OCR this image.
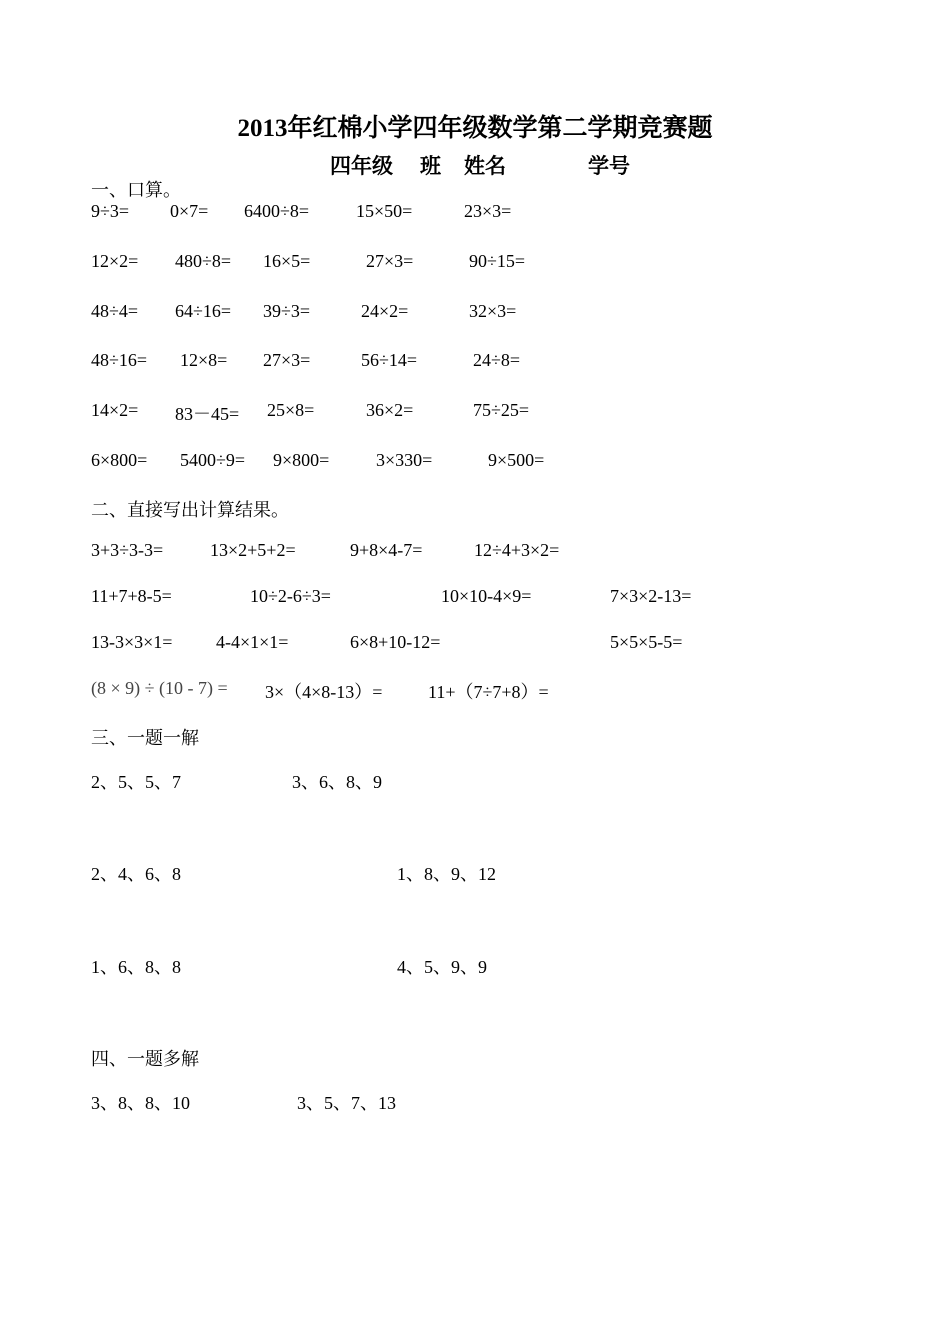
2013年红棉小学四年级数学第二学期竞赛题
四年级 班 姓名	学号
一、口算。
9÷3= 0×7= 6400÷8=	15×50=	23×3=
12×2= 480÷8= 16×5=	27×3=	90÷15=
48÷4= 64÷16= 39÷3=	24×2=	32×3=
48÷16= 12×8= 27×3=	56÷14=	24÷8=
14×2= 83－45= 25×8=	36×2=	75÷25=
6×800= 5400÷9= 9×800=	3×330=	9×500=
二、直接写出计算结果。
3+3÷3-3=	13×2+5+2=	9+8×4-7=	12÷4+3×2=
11+7+8-5=	10÷2-6÷3=	10×10-4×9=	7×3×2-13=
13-3×3×1= 4-4×1×1=	6×8+10-12=	5×5×5-5=
(8 × 9) ÷ (10 - 7) = 3×（4×8-13）=	11+（7÷7+8）=
三、一题一解
2、5、5、7	3、6、8、9
2、4、6、8	1、8、9、12
1、6、8、8	4、5、9、9
四、一题多解
3、8、8、10	3、5、7、13
